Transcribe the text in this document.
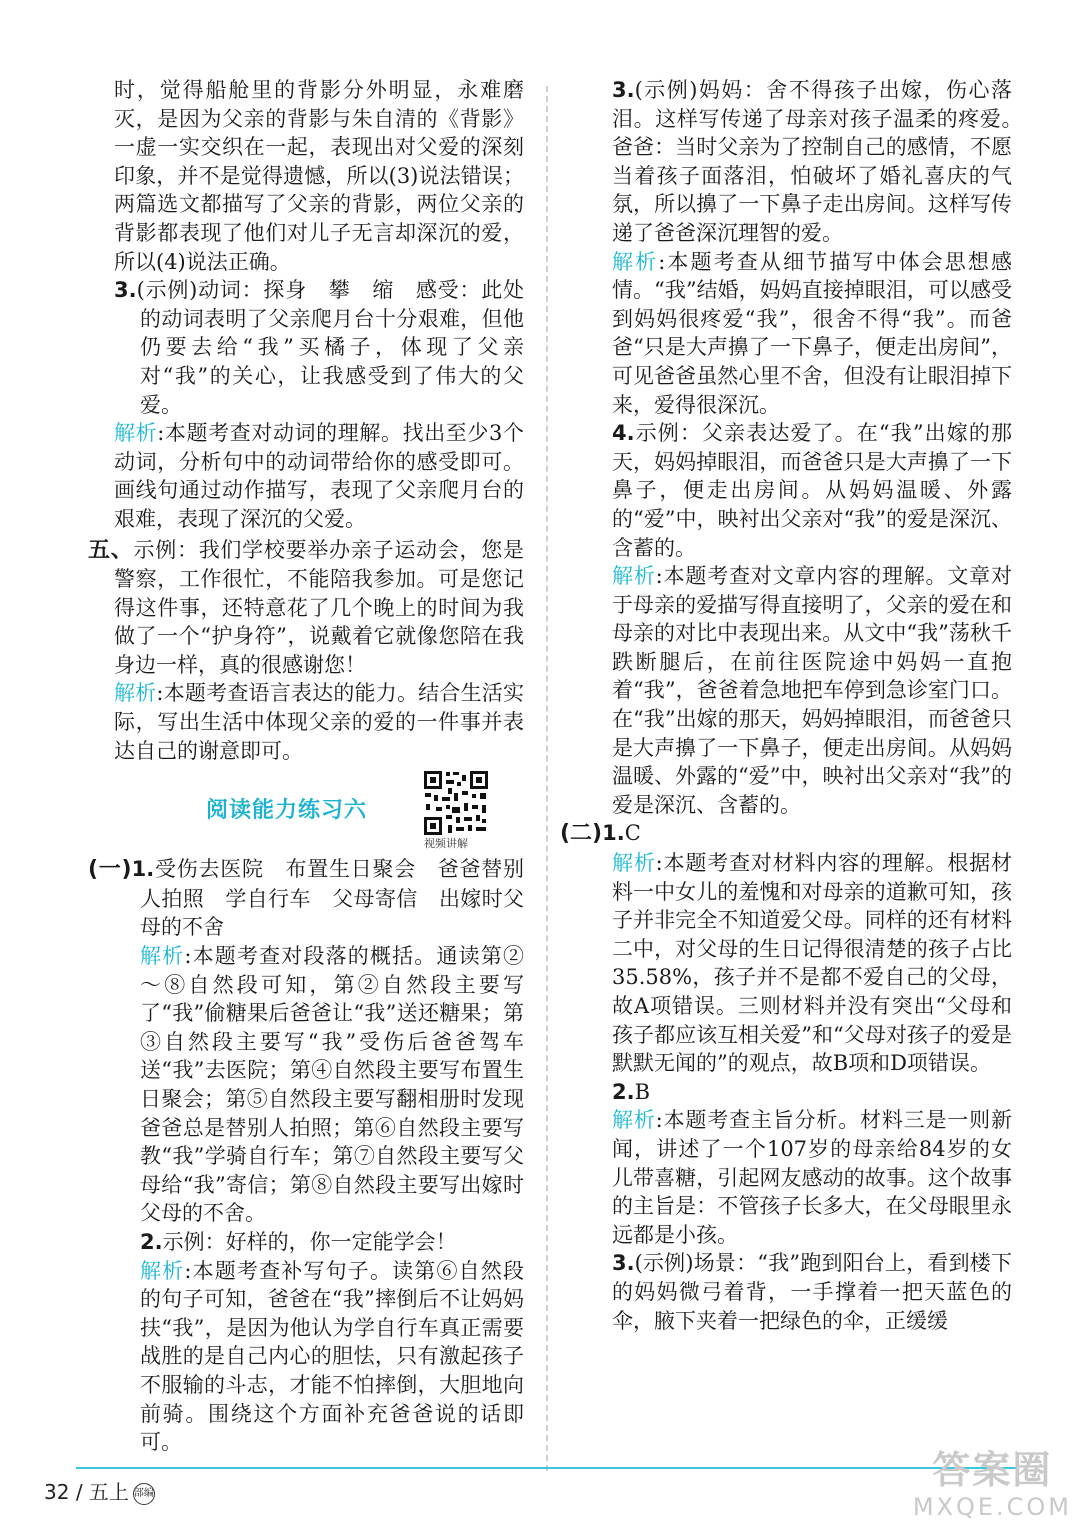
时，觉得船舱里的背影分外明显，永难磨灭，是因为父亲的背影与朱自清的《背影》一虚一实交织在一起，表现出对父爱的深刻印象，并不是觉得遗憾，所以(3)说法错误；两篇选文都描写了父亲的背影，两位父亲的背影都表现了他们对儿子无言却深沉的爱，所以(4)说法正确。

3.(示例)动词：探身　攀　缩　感受：此处的动词表明了父亲爬月台十分艰难，但他仍要去给“我”买橘子，体现了父亲对“我”的关心，让我感受到了伟大的父爱。

解析:本题考查对动词的理解。找出至少3个动词，分析句中的动词带给你的感受即可。画线句通过动作描写，表现了父亲爬月台的艰难，表现了深沉的父爱。

五、示例：我们学校要举办亲子运动会，您是警察，工作很忙，不能陪我参加。可是您记得这件事，还特意花了几个晚上的时间为我做了一个“护身符”，说戴着它就像您陪在我身边一样，真的很感谢您！

解析:本题考查语言表达的能力。结合生活实际，写出生活中体现父亲的爱的一件事并表达自己的谢意即可。

阅读能力练习六
视频讲解

(一)1.受伤去医院　布置生日聚会　爸爸替别人拍照　学自行车　父母寄信　出嫁时父母的不舍

解析:本题考查对段落的概括。通读第②～⑧自然段可知，第②自然段主要写了“我”偷糖果后爸爸让“我”送还糖果；第③自然段主要写“我”受伤后爸爸驾车送“我”去医院；第④自然段主要写布置生日聚会；第⑤自然段主要写翻相册时发现爸爸总是替别人拍照；第⑥自然段主要写教“我”学骑自行车；第⑦自然段主要写父母给“我”寄信；第⑧自然段主要写出嫁时父母的不舍。

2.示例：好样的，你一定能学会！

解析:本题考查补写句子。读第⑥自然段的句子可知，爸爸在“我”摔倒后不让妈妈扶“我”，是因为他认为学自行车真正需要战胜的是自己内心的胆怯，只有激起孩子不服输的斗志，才能不怕摔倒，大胆地向前骑。围绕这个方面补充爸爸说的话即可。

3.(示例)妈妈：舍不得孩子出嫁，伤心落泪。这样写传递了母亲对孩子温柔的疼爱。　爸爸：当时父亲为了控制自己的感情，不愿当着孩子面落泪，怕破坏了婚礼喜庆的气氛，所以擤了一下鼻子走出房间。这样写传递了爸爸深沉理智的爱。

解析:本题考查从细节描写中体会思想感情。“我”结婚，妈妈直接掉眼泪，可以感受到妈妈很疼爱“我”，很舍不得“我”。而爸爸“只是大声擤了一下鼻子，便走出房间”，可见爸爸虽然心里不舍，但没有让眼泪掉下来，爱得很深沉。

4.示例：父亲表达爱了。在“我”出嫁的那天，妈妈掉眼泪，而爸爸只是大声擤了一下鼻子，便走出房间。从妈妈温暖、外露的“爱”中，映衬出父亲对“我”的爱是深沉、含蓄的。

解析:本题考查对文章内容的理解。文章对于母亲的爱描写得直接明了，父亲的爱在和母亲的对比中表现出来。从文中“我”荡秋千跌断腿后，在前往医院途中妈妈一直抱着“我”，爸爸着急地把车停到急诊室门口。在“我”出嫁的那天，妈妈掉眼泪，而爸爸只是大声擤了一下鼻子，便走出房间。从妈妈温暖、外露的“爱”中，映衬出父亲对“我”的爱是深沉、含蓄的。

(二)1.C

解析:本题考查对材料内容的理解。根据材料一中女儿的羞愧和对母亲的道歉可知，孩子并非完全不知道爱父母。同样的还有材料二中，对父母的生日记得很清楚的孩子占比35.58%，孩子并不是都不爱自己的父母，故A项错误。三则材料并没有突出“父母和孩子都应该互相关爱”和“父母对孩子的爱是默默无闻的”的观点，故B项和D项错误。

2.B

解析:本题考查主旨分析。材料三是一则新闻，讲述了一个107岁的母亲给84岁的女儿带喜糖，引起网友感动的故事。这个故事的主旨是：不管孩子长多大，在父母眼里永远都是小孩。

3.(示例)场景：“我”跑到阳台上，看到楼下的妈妈微弓着背，一手撑着一把天蓝色的伞，腋下夹着一把绿色的伞，正缓缓

32 / 五上 部编
答案圈
MXQE.COM
